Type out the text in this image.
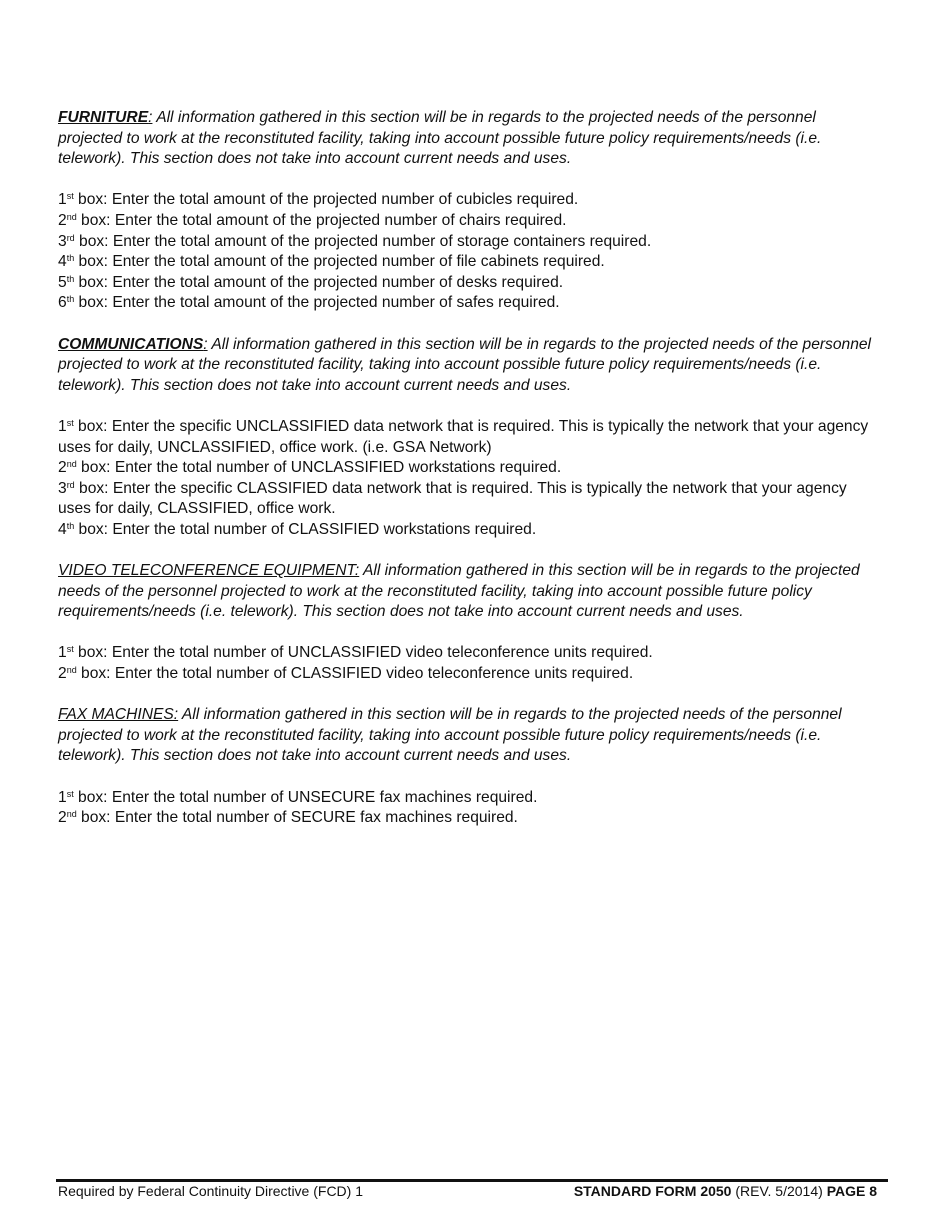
FURNITURE: All information gathered in this section will be in regards to the projected needs of the personnel projected to work at the reconstituted facility, taking into account possible future policy requirements/needs (i.e. telework). This section does not take into account current needs and uses.

1st box: Enter the total amount of the projected number of cubicles required.
2nd box: Enter the total amount of the projected number of chairs required.
3rd box: Enter the total amount of the projected number of storage containers required.
4th box: Enter the total amount of the projected number of file cabinets required.
5th box: Enter the total amount of the projected number of desks required.
6th box: Enter the total amount of the projected number of safes required.

COMMUNICATIONS: All information gathered in this section will be in regards to the projected needs of the personnel projected to work at the reconstituted facility, taking into account possible future policy requirements/needs (i.e. telework). This section does not take into account current needs and uses.

1st box: Enter the specific UNCLASSIFIED data network that is required. This is typically the network that your agency uses for daily, UNCLASSIFIED, office work. (i.e. GSA Network)
2nd box: Enter the total number of UNCLASSIFIED workstations required.
3rd box: Enter the specific CLASSIFIED data network that is required. This is typically the network that your agency uses for daily, CLASSIFIED, office work.
4th box: Enter the total number of CLASSIFIED workstations required.

VIDEO TELECONFERENCE EQUIPMENT: All information gathered in this section will be in regards to the projected needs of the personnel projected to work at the reconstituted facility, taking into account possible future policy requirements/needs (i.e. telework). This section does not take into account current needs and uses.

1st box: Enter the total number of UNCLASSIFIED video teleconference units required.
2nd box: Enter the total number of CLASSIFIED video teleconference units required.

FAX MACHINES: All information gathered in this section will be in regards to the projected needs of the personnel projected to work at the reconstituted facility, taking into account possible future policy requirements/needs (i.e. telework). This section does not take into account current needs and uses.

1st box: Enter the total number of UNSECURE fax machines required.
2nd box: Enter the total number of SECURE fax machines required.
Required by Federal Continuity Directive (FCD) 1	STANDARD FORM 2050 (REV. 5/2014) PAGE 8
